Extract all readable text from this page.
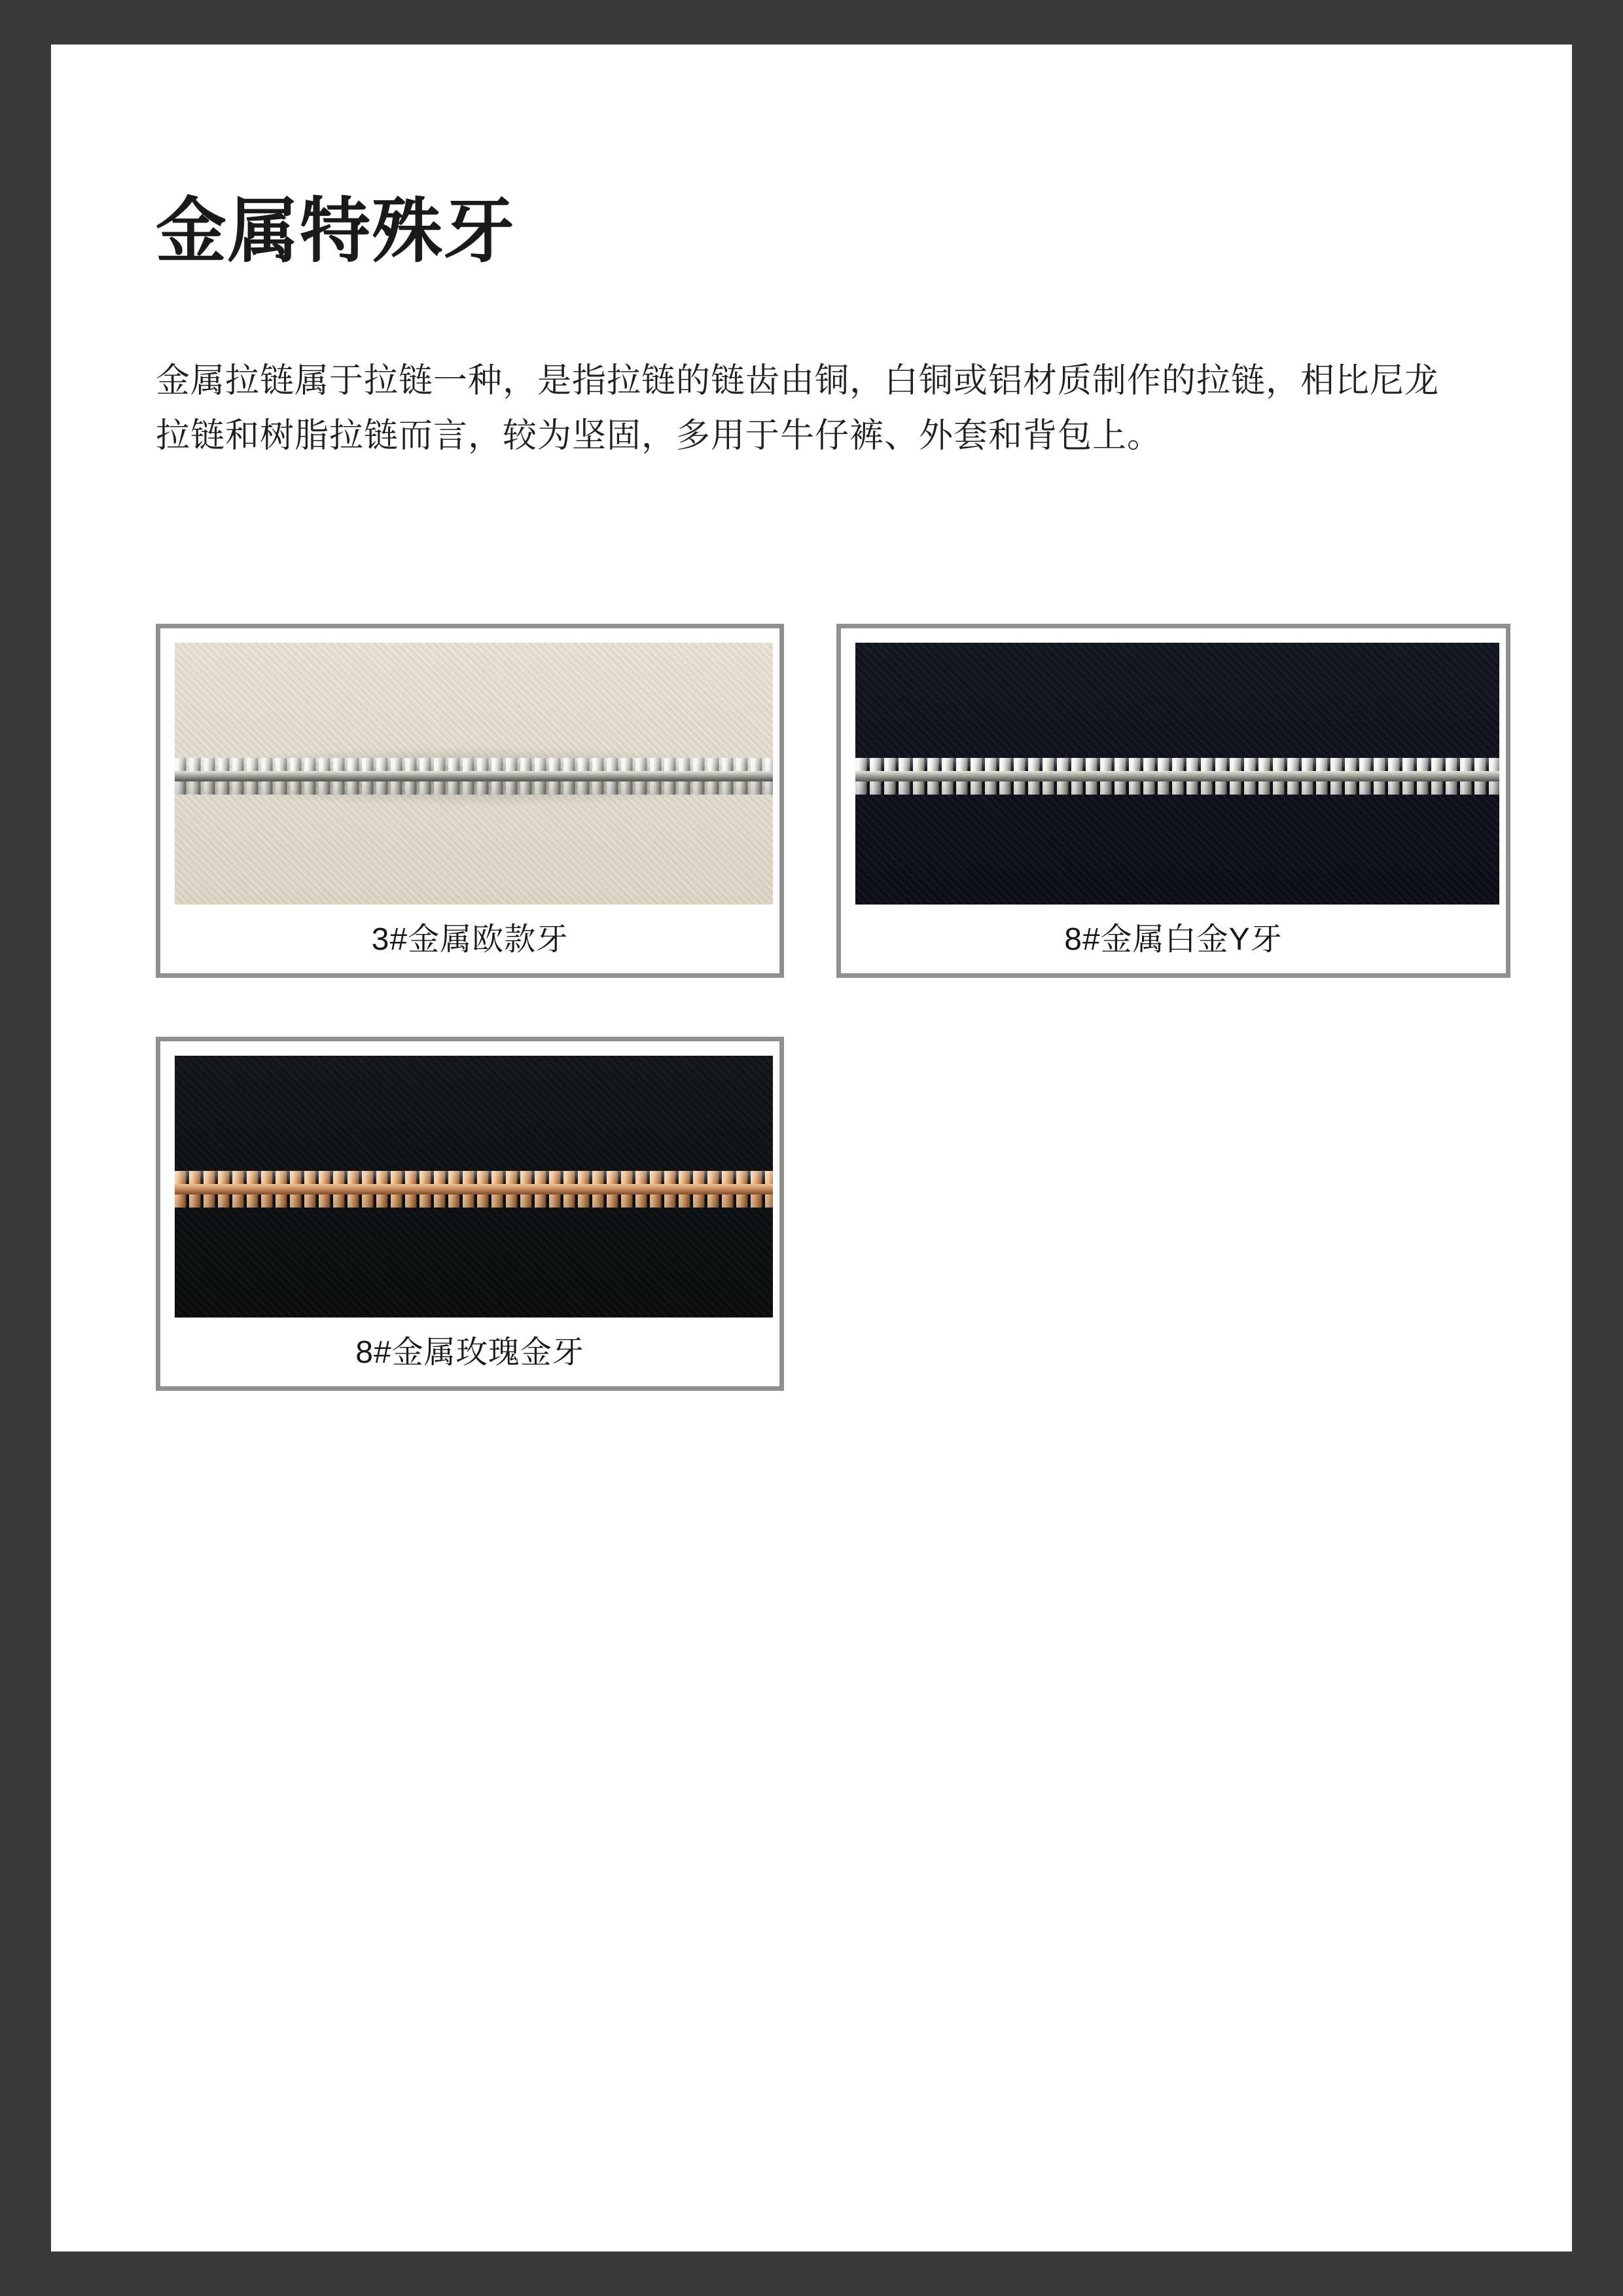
金属特殊牙

金属拉链属于拉链一种，是指拉链的链齿由铜，白铜或铝材质制作的拉链，相比尼龙拉链和树脂拉链而言，较为坚固，多用于牛仔裤、外套和背包上。

3#金属欧款牙	8#金属白金Y牙
8#金属玫瑰金牙
